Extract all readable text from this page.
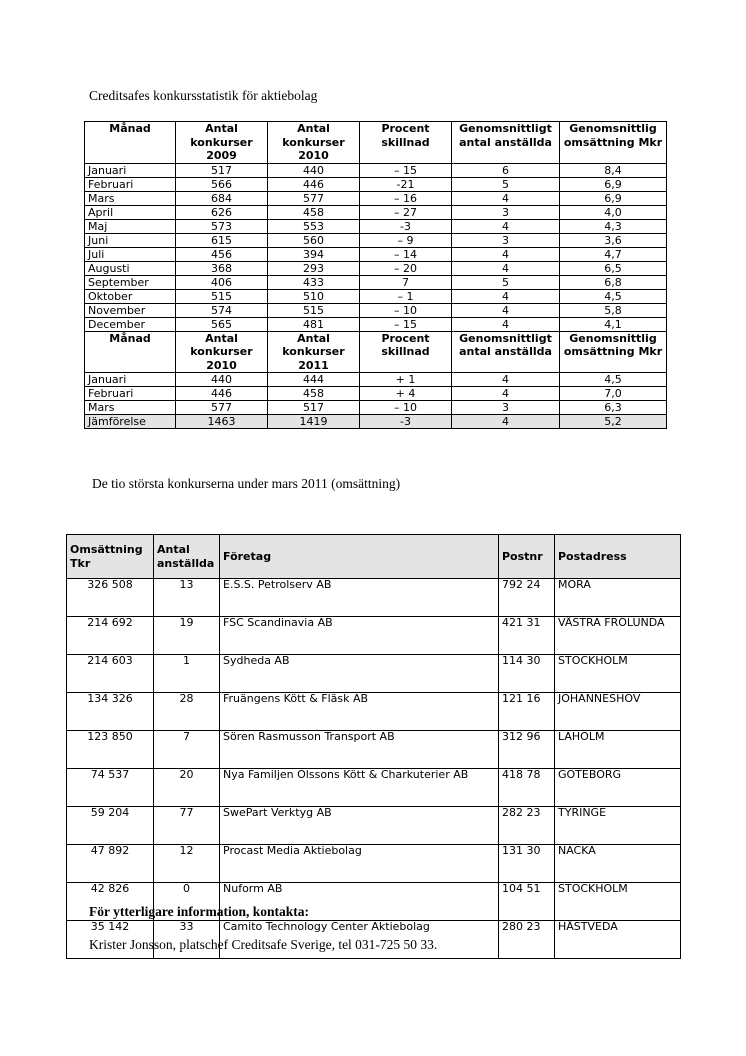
Creditsafes konkursstatistik för aktiebolag
Månad	Antal konkurser 2009	Antal konkurser 2010	Procent skillnad	Genomsnittligt antal anställda	Genomsnittlig omsättning Mkr
Januari	517	440	– 15	6	8,4
Februari	566	446	-21	5	6,9
Mars	684	577	– 16	4	6,9
April	626	458	– 27	3	4,0
Maj	573	553	-3	4	4,3
Juni	615	560	– 9	3	3,6
Juli	456	394	– 14	4	4,7
Augusti	368	293	– 20	4	6,5
September	406	433	7	5	6,8
Oktober	515	510	– 1	4	4,5
November	574	515	– 10	4	5,8
December	565	481	– 15	4	4,1
Månad	Antal konkurser 2010	Antal konkurser 2011	Procent skillnad	Genomsnittligt antal anställda	Genomsnittlig omsättning Mkr
Januari	440	444	+ 1	4	4,5
Februari	446	458	+ 4	4	7,0
Mars	577	517	– 10	3	6,3
Jämförelse	1463	1419	-3	4	5,2
De tio största konkurserna under mars 2011 (omsättning)
Omsättning Tkr	Antal anställda	Företag	Postnr	Postadress
326 508	13	E.S.S. Petrolserv AB	792 24	MORA
214 692	19	FSC Scandinavia AB	421 31	VÄSTRA FRÖLUNDA
214 603	1	Sydheda AB	114 30	STOCKHOLM
134 326	28	Fruängens Kött & Fläsk AB	121 16	JOHANNESHOV
123 850	7	Sören Rasmusson Transport AB	312 96	LAHOLM
74 537	20	Nya Familjen Olssons Kött & Charkuterier AB	418 78	GÖTEBORG
59 204	77	SwePart Verktyg AB	282 23	TYRINGE
47 892	12	Procast Media Aktiebolag	131 30	NACKA
42 826	0	Nuform AB	104 51	STOCKHOLM
35 142	33	Camito Technology Center Aktiebolag	280 23	HÄSTVEDA
För ytterligare information, kontakta:
Krister Jonsson, platschef Creditsafe Sverige, tel 031-725 50 33.
